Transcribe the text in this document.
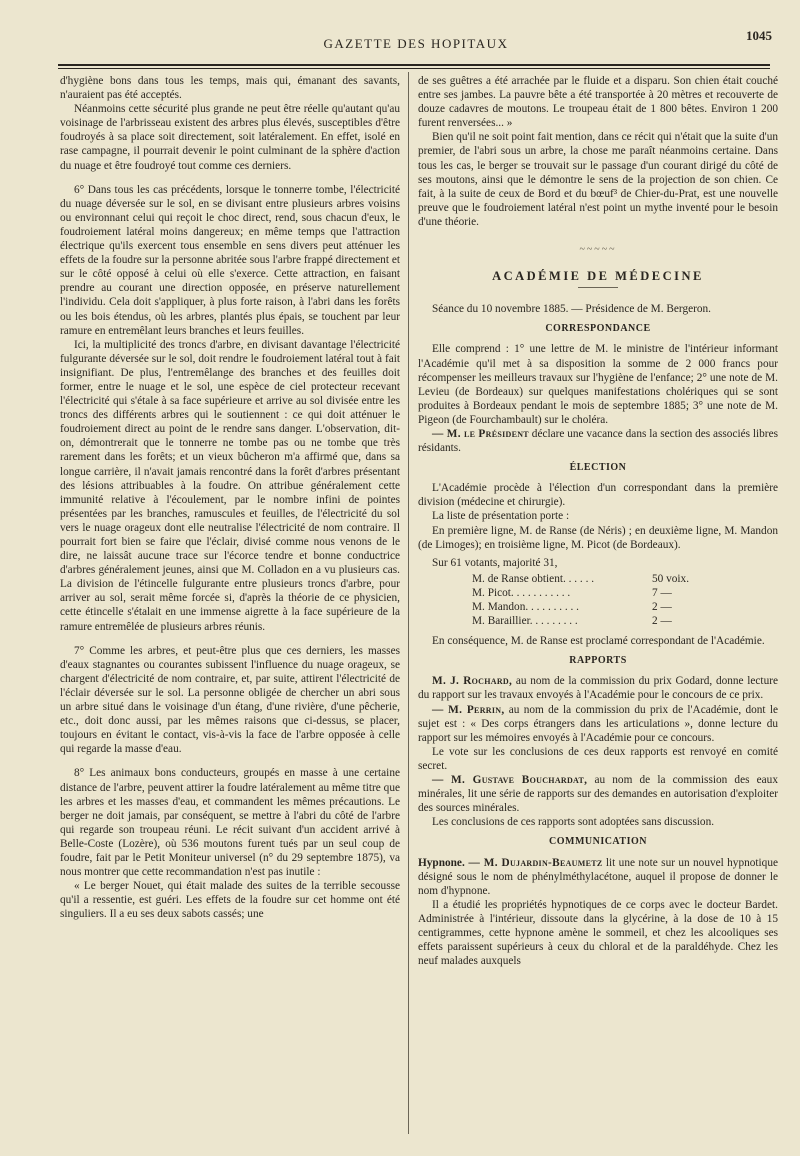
GAZETTE DES HOPITAUX
1045

d'hygiène bons dans tous les temps, mais qui, émanant des savants, n'auraient pas été acceptés.

Néanmoins cette sécurité plus grande ne peut être réelle qu'autant qu'au voisinage de l'arbrisseau existent des arbres plus élevés, susceptibles d'être foudroyés à sa place soit directement, soit latéralement. En effet, isolé en rase campagne, il pourrait devenir le point culminant de la sphère d'action du nuage et être foudroyé tout comme ces derniers.

6° Dans tous les cas précédents, lorsque le tonnerre tombe, l'électricité du nuage déversée sur le sol, en se divisant entre plusieurs arbres voisins ou environnant celui qui reçoit le choc direct, rend, sous chacun d'eux, le foudroiement latéral moins dangereux; en même temps que l'attraction électrique qu'ils exercent tous ensemble en sens divers peut atténuer les effets de la foudre sur la personne abritée sous l'arbre frappé directement et sur le côté opposé à celui où elle s'exerce. Cette attraction, en faisant prendre au courant une direction opposée, en préserve naturellement l'individu. Cela doit s'appliquer, à plus forte raison, à l'abri dans les forêts ou les bois étendus, où les arbres, plantés plus épais, se touchent par leur ramure en entremêlant leurs branches et leurs feuilles.

Ici, la multiplicité des troncs d'arbre, en divisant davantage l'électricité fulgurante déversée sur le sol, doit rendre le foudroiement latéral tout à fait insignifiant. De plus, l'entremêlange des branches et des feuilles doit former, entre le nuage et le sol, une espèce de ciel protecteur recevant l'électricité qui s'étale à sa face supérieure et arrive au sol divisée entre les troncs des différents arbres qui le soutiennent : ce qui doit atténuer le foudroiement direct au point de le rendre sans danger. L'observation, dit-on, démontrerait que le tonnerre ne tombe pas ou ne tombe que très rarement dans les forêts; et un vieux bûcheron m'a affirmé que, dans sa longue carrière, il n'avait jamais rencontré dans la forêt d'arbres présentant des lésions attribuables à la foudre. On attribue généralement cette immunité relative à l'écoulement, par le nombre infini de pointes présentées par les branches, ramuscules et feuilles, de l'électricité du sol vers le nuage orageux dont elle neutralise l'électricité de nom contraire. Il pourrait fort bien se faire que l'éclair, divisé comme nous venons de le dire, ne laissât aucune trace sur l'écorce tendre et bonne conductrice d'arbres généralement jeunes, ainsi que M. Colladon en a vu plusieurs cas. La division de l'étincelle fulgurante entre plusieurs troncs d'arbre, pour arriver au sol, serait même forcée si, d'après la théorie de ce physicien, cette étincelle s'étalait en une immense aigrette à la face supérieure de la ramure entremêlée de plusieurs arbres réunis.

7° Comme les arbres, et peut-être plus que ces derniers, les masses d'eaux stagnantes ou courantes subissent l'influence du nuage orageux, se chargent d'électricité de nom contraire, et, par suite, attirent l'électricité de l'éclair déversée sur le sol. La personne obligée de chercher un abri sous un arbre situé dans le voisinage d'un étang, d'une rivière, d'une pêcherie, etc., doit donc aussi, par les mêmes raisons que ci-dessus, se placer, toujours en évitant le contact, vis-à-vis la face de l'arbre opposée à celle qui regarde la masse d'eau.

8° Les animaux bons conducteurs, groupés en masse à une certaine distance de l'arbre, peuvent attirer la foudre latéralement au même titre que les arbres et les masses d'eau, et commandent les mêmes précautions. Le berger ne doit jamais, par conséquent, se mettre à l'abri du côté de l'arbre qui regarde son troupeau réuni. Le récit suivant d'un accident arrivé à Belle-Coste (Lozère), où 536 moutons furent tués par un seul coup de foudre, fait par le Petit Moniteur universel (n° du 29 septembre 1875), va nous montrer que cette recommandation n'est pas inutile :

« Le berger Nouet, qui était malade des suites de la terrible secousse qu'il a ressentie, est guéri. Les effets de la foudre sur cet homme ont été singuliers. Il a eu ses deux sabots cassés; une

de ses guêtres a été arrachée par le fluide et a disparu. Son chien était couché entre ses jambes. La pauvre bête a été transportée à 20 mètres et recouverte de douze cadavres de moutons. Le troupeau était de 1 800 bêtes. Environ 1 200 furent renversées... »

Bien qu'il ne soit point fait mention, dans ce récit qui n'était que la suite d'un premier, de l'abri sous un arbre, la chose me paraît néanmoins certaine. Dans tous les cas, le berger se trouvait sur le passage d'un courant dirigé du côté de ses moutons, ainsi que le démontre le sens de la projection de son chien. Ce fait, à la suite de ceux de Bord et du bœuf³ de Chier-du-Prat, est une nouvelle preuve que le foudroiement latéral n'est point un mythe inventé pour le besoin d'une théorie.

~~~~~
ACADÉMIE DE MÉDECINE

Séance du 10 novembre 1885. — Présidence de M. Bergeron.

CORRESPONDANCE

Elle comprend : 1° une lettre de M. le ministre de l'intérieur informant l'Académie qu'il met à sa disposition la somme de 2 000 francs pour récompenser les meilleurs travaux sur l'hygiène de l'enfance; 2° une note de M. Levieu (de Bordeaux) sur quelques manifestations cholériques qui se sont produites à Bordeaux pendant le mois de septembre 1885; 3° une note de M. Pigeon (de Fourchambault) sur le choléra.

— M. le Président déclare une vacance dans la section des associés libres résidants.

ÉLECTION

L'Académie procède à l'élection d'un correspondant dans la première division (médecine et chirurgie).

La liste de présentation porte :

En première ligne, M. de Ranse (de Néris) ; en deuxième ligne, M. Mandon (de Limoges); en troisième ligne, M. Picot (de Bordeaux).

Sur 61 votants, majorité 31,

M. de Ranse obtient. . . . . .	50 voix.
M. Picot. . . . . . . . . . .	7 —
M. Mandon. . . . . . . . . .	2 —
M. Baraillier. . . . . . . . .	2 —

En conséquence, M. de Ranse est proclamé correspondant de l'Académie.

RAPPORTS

M. J. Rochard, au nom de la commission du prix Godard, donne lecture du rapport sur les travaux envoyés à l'Académie pour le concours de ce prix.

— M. Perrin, au nom de la commission du prix de l'Académie, dont le sujet est : « Des corps étrangers dans les articulations », donne lecture du rapport sur les mémoires envoyés à l'Académie pour ce concours.

Le vote sur les conclusions de ces deux rapports est renvoyé en comité secret.

— M. Gustave Bouchardat, au nom de la commission des eaux minérales, lit une série de rapports sur des demandes en autorisation d'exploiter des sources minérales.

Les conclusions de ces rapports sont adoptées sans discussion.

COMMUNICATION

Hypnone. — M. Dujardin-Beaumetz lit une note sur un nouvel hypnotique désigné sous le nom de phénylméthylacétone, auquel il propose de donner le nom d'hypnone.

Il a étudié les propriétés hypnotiques de ce corps avec le docteur Bardet. Administrée à l'intérieur, dissoute dans la glycérine, à la dose de 10 à 15 centigrammes, cette hypnone amène le sommeil, et chez les alcooliques ses effets paraissent supérieurs à ceux du chloral et de la paraldéhyde. Chez les neuf malades auxquels
